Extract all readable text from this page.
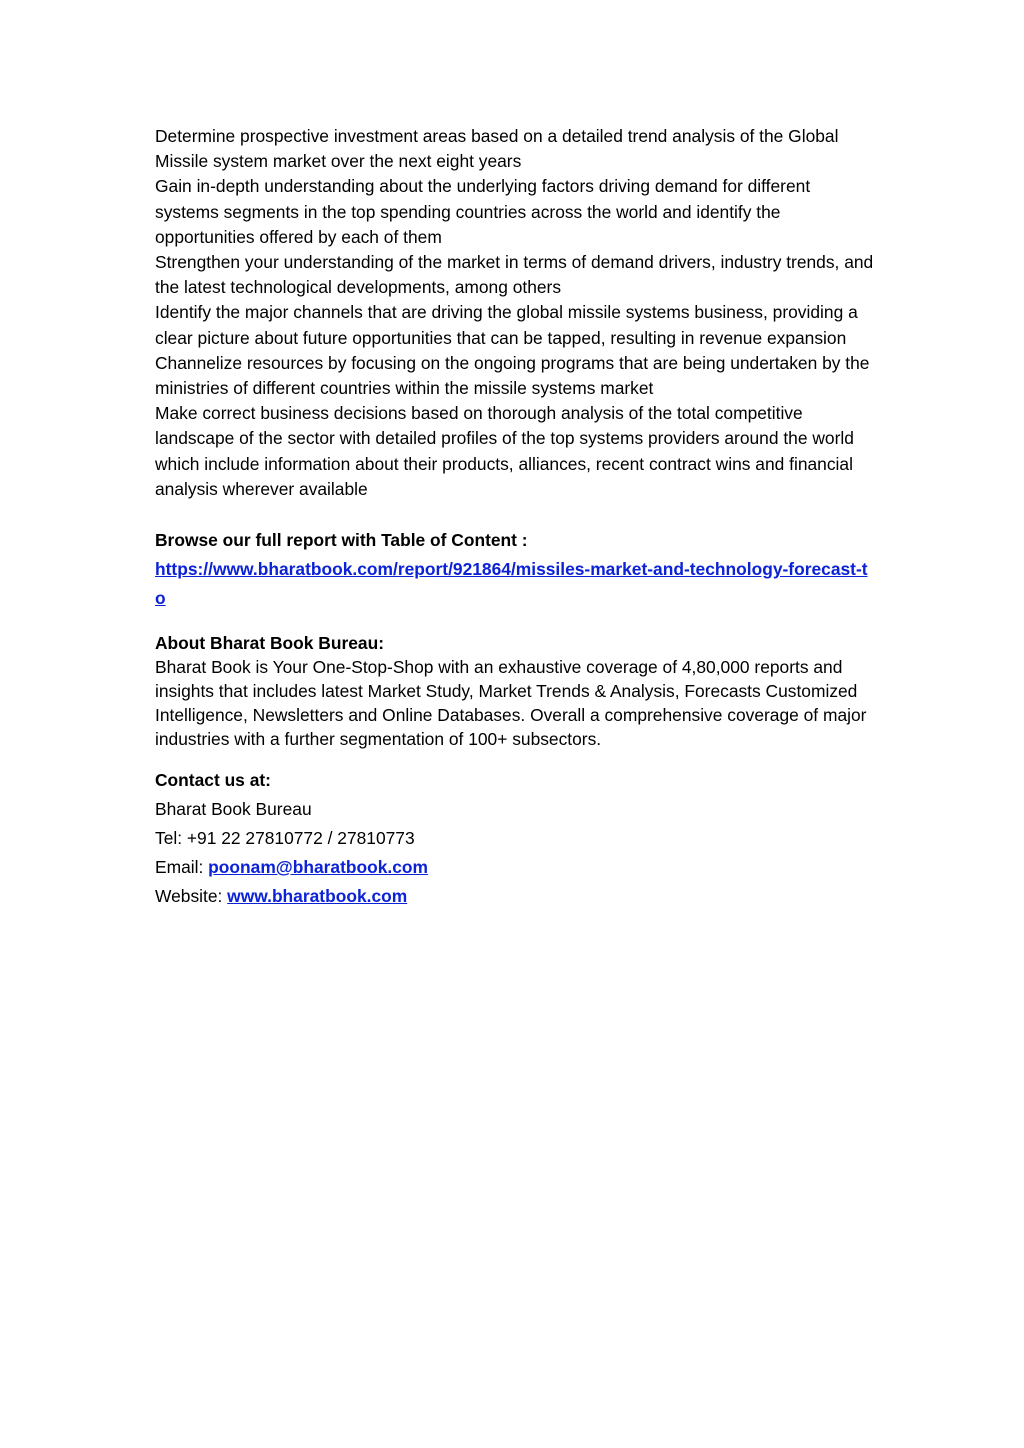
Determine prospective investment areas based on a detailed trend analysis of the Global Missile system market over the next eight years

Gain in-depth understanding about the underlying factors driving demand for different systems segments in the top spending countries across the world and identify the opportunities offered by each of them

Strengthen your understanding of the market in terms of demand drivers, industry trends, and the latest technological developments, among others

Identify the major channels that are driving the global missile systems business, providing a clear picture about future opportunities that can be tapped, resulting in revenue expansion

Channelize resources by focusing on the ongoing programs that are being undertaken by the ministries of different countries within the missile systems market

Make correct business decisions based on thorough analysis of the total competitive landscape of the sector with detailed profiles of the top systems providers around the world which include information about their products, alliances, recent contract wins and financial analysis wherever available

Browse our full report with Table of Content :

https://www.bharatbook.com/report/921864/missiles-market-and-technology-forecast-to

About Bharat Book Bureau:

Bharat Book is Your One-Stop-Shop with an exhaustive coverage of 4,80,000 reports and insights that includes latest Market Study, Market Trends & Analysis, Forecasts Customized Intelligence, Newsletters and Online Databases. Overall a comprehensive coverage of major industries with a further segmentation of 100+ subsectors.

Contact us at:

Bharat Book Bureau

Tel: +91 22 27810772 / 27810773

Email: poonam@bharatbook.com

Website: www.bharatbook.com
